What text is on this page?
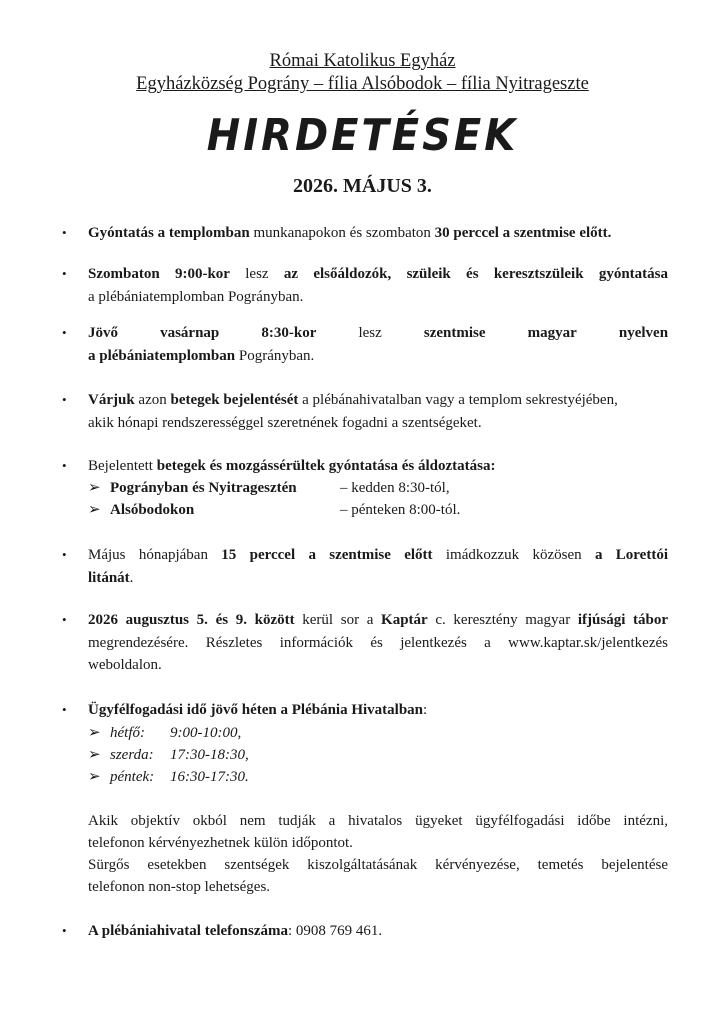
Római Katolikus Egyház
Egyházközség Pográny – fília Alsóbodok – fília Nyitrageszte
HIRDETÉSEK
2026. MÁJUS 3.
• Gyóntatás a templomban munkanapokon és szombaton 30 perccel a szentmise előtt.
• Szombaton 9:00-kor lesz az elsőáldozók, szüleik és keresztszüleik gyóntatása
a plébániatemplomban Pogrányban.
• Jövő	vasárnap	8:30-kor	lesz	szentmise	magyar	nyelven
a plébániatemplomban Pogrányban.
• Várjuk azon betegek bejelentését a plébánahivatalban vagy a templom sekrestyéjében,
akik hónapi rendszerességgel szeretnének fogadni a szentségeket.
• Bejelentett betegek és mozgássérültek gyóntatása és áldoztatása:
➢ Pogrányban és Nyitragesztén	– kedden 8:30-tól,
➢ Alsóbodokon	– pénteken 8:00-tól.
• Május hónapjában 15 perccel a szentmise előtt imádkozzuk közösen a Lorettói
litánát.
• 2026 augusztus 5. és 9. között kerül sor a Kaptár c. keresztény magyar ifjúsági tábor
megrendezésére. Részletes információk és jelentkezés a www.kaptar.sk/jelentkezés
weboldalon.
• Ügyfélfogadási idő jövő héten a Plébánia Hivatalban:
➢ hétfő: 9:00-10:00,
➢ szerda: 17:30-18:30,
➢ péntek: 16:30-17:30.
Akik objektív okból nem tudják a hivatalos ügyeket ügyfélfogadási időbe intézni,
telefonon kérvényezhetnek külön időpontot.
Sürgős esetekben szentségek kiszolgáltatásának kérvényezése, temetés bejelentése
telefonon non-stop lehetséges.
• A plébániahivatal telefonszáma: 0908 769 461.
